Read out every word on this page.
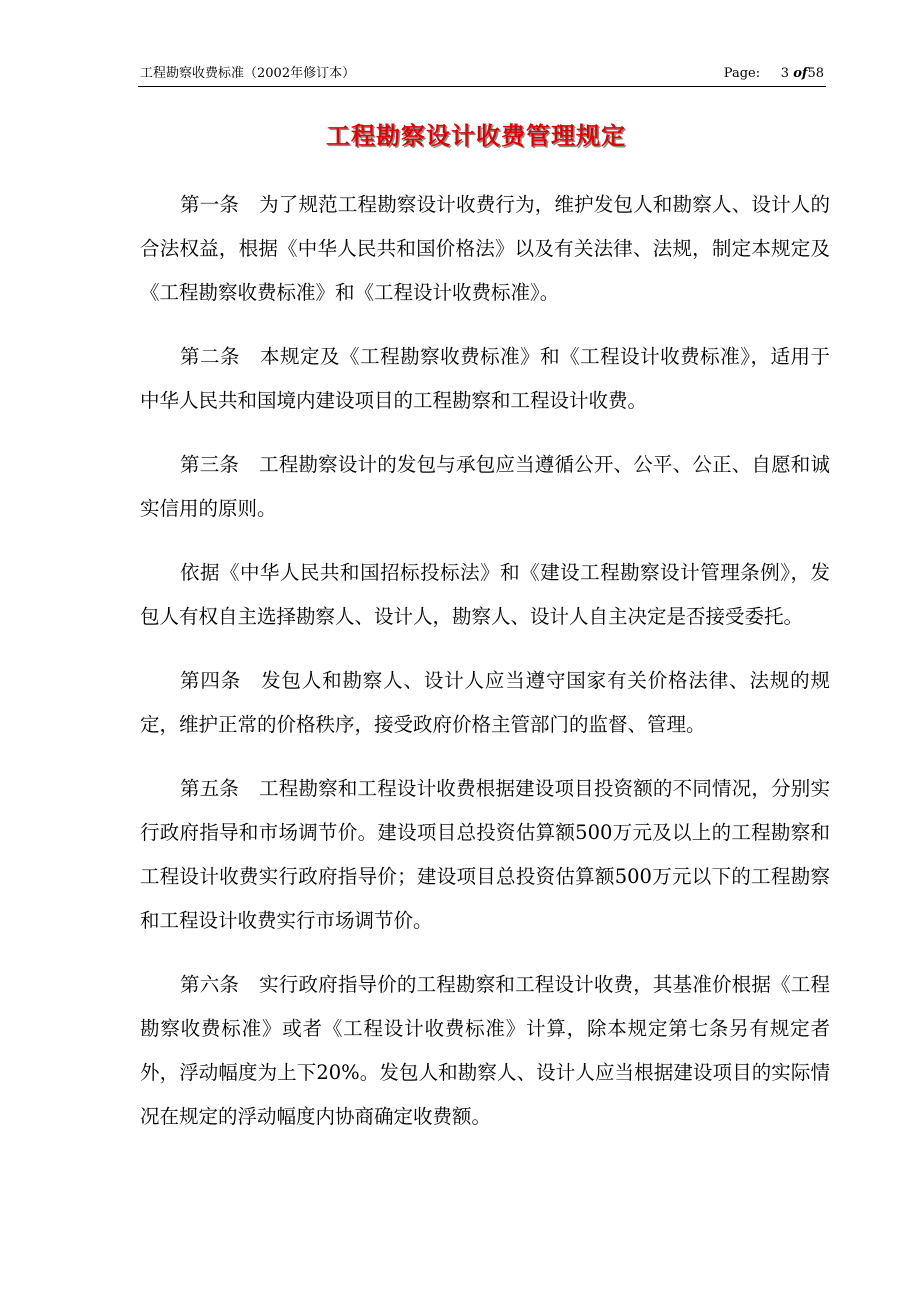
工程勘察收费标准（2002年修订本）	Page: 3 of58
工程勘察设计收费管理规定

第一条 为了规范工程勘察设计收费行为，维护发包人和勘察人、设计人的合法权益，根据《中华人民共和国价格法》以及有关法律、法规，制定本规定及《工程勘察收费标准》和《工程设计收费标准》。

第二条 本规定及《工程勘察收费标准》和《工程设计收费标准》，适用于中华人民共和国境内建设项目的工程勘察和工程设计收费。

第三条 工程勘察设计的发包与承包应当遵循公开、公平、公正、自愿和诚实信用的原则。

依据《中华人民共和国招标投标法》和《建设工程勘察设计管理条例》，发包人有权自主选择勘察人、设计人，勘察人、设计人自主决定是否接受委托。

第四条 发包人和勘察人、设计人应当遵守国家有关价格法律、法规的规定，维护正常的价格秩序，接受政府价格主管部门的监督、管理。

第五条 工程勘察和工程设计收费根据建设项目投资额的不同情况，分别实行政府指导和市场调节价。建设项目总投资估算额500万元及以上的工程勘察和工程设计收费实行政府指导价；建设项目总投资估算额500万元以下的工程勘察和工程设计收费实行市场调节价。

第六条 实行政府指导价的工程勘察和工程设计收费，其基准价根据《工程勘察收费标准》或者《工程设计收费标准》计算，除本规定第七条另有规定者外，浮动幅度为上下20%。发包人和勘察人、设计人应当根据建设项目的实际情况在规定的浮动幅度内协商确定收费额。
